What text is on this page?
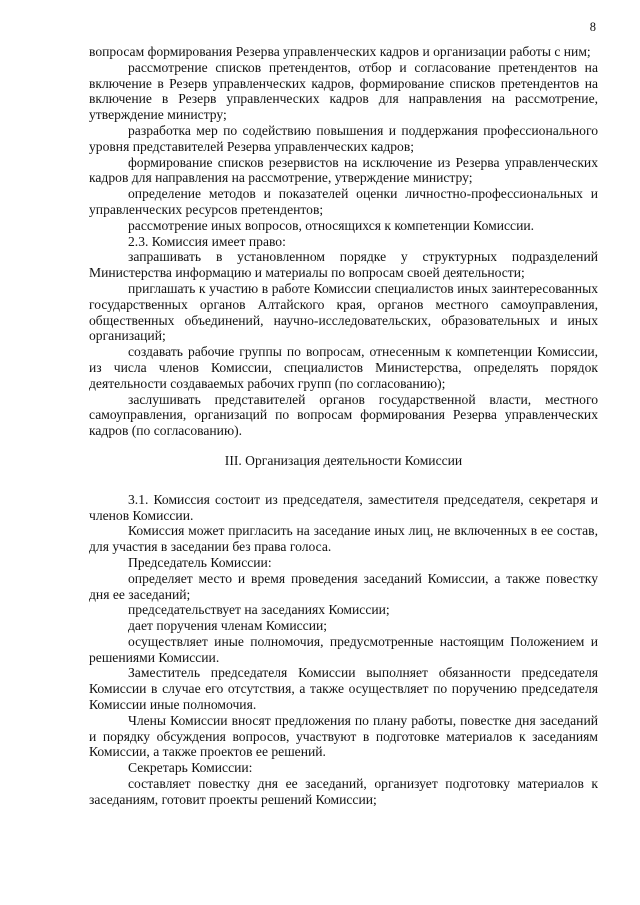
8

вопросам формирования Резерва управленческих кадров и организации работы с ним;

рассмотрение списков претендентов, отбор и согласование претендентов на включение в Резерв управленческих кадров, формирование списков претендентов на включение в Резерв управленческих кадров для направления на рассмотрение, утверждение министру;

разработка мер по содействию повышения и поддержания профессионального уровня представителей Резерва управленческих кадров;

формирование списков резервистов на исключение из Резерва управленческих кадров для направления на рассмотрение, утверждение министру;

определение методов и показателей оценки личностно-профессиональных и управленческих ресурсов претендентов;

рассмотрение иных вопросов, относящихся к компетенции Комиссии.

2.3. Комиссия имеет право:

запрашивать в установленном порядке у структурных подразделений Министерства информацию и материалы по вопросам своей деятельности;

приглашать к участию в работе Комиссии специалистов иных заинтересованных государственных органов Алтайского края, органов местного самоуправления, общественных объединений, научно-исследовательских, образовательных и иных организаций;

создавать рабочие группы по вопросам, отнесенным к компетенции Комиссии, из числа членов Комиссии, специалистов Министерства, определять порядок деятельности создаваемых рабочих групп (по согласованию);

заслушивать представителей органов государственной власти, местного самоуправления, организаций по вопросам формирования Резерва управленческих кадров (по согласованию).

III. Организация деятельности Комиссии

3.1. Комиссия состоит из председателя, заместителя председателя, секретаря и членов Комиссии.

Комиссия может пригласить на заседание иных лиц, не включенных в ее состав, для участия в заседании без права голоса.

Председатель Комиссии:

определяет место и время проведения заседаний Комиссии, а также повестку дня ее заседаний;

председательствует на заседаниях Комиссии;

дает поручения членам Комиссии;

осуществляет иные полномочия, предусмотренные настоящим Положением и решениями Комиссии.

Заместитель председателя Комиссии выполняет обязанности председателя Комиссии в случае его отсутствия, а также осуществляет по поручению председателя Комиссии иные полномочия.

Члены Комиссии вносят предложения по плану работы, повестке дня заседаний и порядку обсуждения вопросов, участвуют в подготовке материалов к заседаниям Комиссии, а также проектов ее решений.

Секретарь Комиссии:

составляет повестку дня ее заседаний, организует подготовку материалов к заседаниям, готовит проекты решений Комиссии;
